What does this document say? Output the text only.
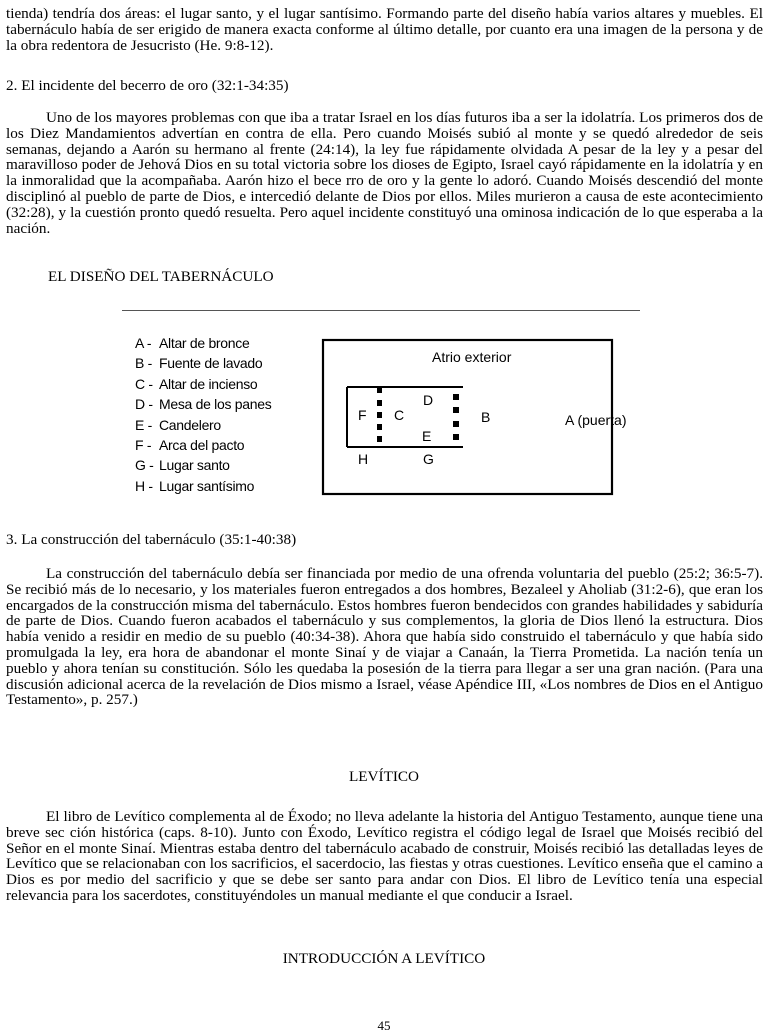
tienda) tendría dos áreas: el lugar santo, y el lugar santísimo. Formando parte del diseño había varios altares y muebles. El tabernáculo había de ser erigido de manera exacta conforme al último detalle, por cuanto era una imagen de la persona y de la obra redentora de Jesucristo (He. 9:8-12).

2. El incidente del becerro de oro (32:1-34:35)

Uno de los mayores problemas con que iba a tratar Israel en los días futuros iba a ser la idolatría. Los primeros dos de los Diez Mandamientos advertían en contra de ella. Pero cuando Moisés subió al monte y se quedó alrededor de seis semanas, dejando a Aarón su hermano al frente (24:14), la ley fue rápidamente olvidada A pesar de la ley y a pesar del maravilloso poder de Jehová Dios en su total victoria sobre los dioses de Egipto, Israel cayó rápidamente en la idolatría y en la inmoralidad que la acompañaba. Aarón hizo el bece rro de oro y la gente lo adoró. Cuando Moisés descendió del monte disciplinó al pueblo de parte de Dios, e intercedió delante de Dios por ellos. Miles murieron a causa de este acontecimiento (32:28), y la cuestión pronto quedó resuelta. Pero aquel incidente constituyó una ominosa indicación de lo que esperaba a la nación.

EL DISEÑO DEL TABERNÁCULO

A - Altar de bronce
B - Fuente de lavado
C - Altar de incienso
D - Mesa de los panes
E - Candelero
F - Arca del pacto
G - Lugar santo
H - Lugar santísimo
Atrio exterior
A (puerta)
F C
D
E
B
H	G

3. La construcción del tabernáculo (35:1-40:38)

La construcción del tabernáculo debía ser financiada por medio de una ofrenda voluntaria del pueblo (25:2; 36:5-7). Se recibió más de lo necesario, y los materiales fueron entregados a dos hombres, Bezaleel y Aholiab (31:2-6), que eran los encargados de la construcción misma del tabernáculo. Estos hombres fueron bendecidos con grandes habilidades y sabiduría de parte de Dios. Cuando fueron acabados el tabernáculo y sus complementos, la gloria de Dios llenó la estructura. Dios había venido a residir en medio de su pueblo (40:34-38). Ahora que había sido construido el tabernáculo y que había sido promulgada la ley, era hora de abandonar el monte Sinaí y de viajar a Canaán, la Tierra Prometida. La nación tenía un pueblo y ahora tenían su constitución. Sólo les quedaba la posesión de la tierra para llegar a ser una gran nación. (Para una discusión adicional acerca de la revelación de Dios mismo a Israel, véase Apéndice III, «Los nombres de Dios en el Antiguo Testamento», p. 257.)

LEVÍTICO

El libro de Levítico complementa al de Éxodo; no lleva adelante la historia del Antiguo Testamento, aunque tiene una breve sec ción histórica (caps. 8-10). Junto con Éxodo, Levítico registra el código legal de Israel que Moisés recibió del Señor en el monte Sinaí. Mientras estaba dentro del tabernáculo acabado de construir, Moisés recibió las detalladas leyes de Levítico que se relacionaban con los sacrificios, el sacerdocio, las fiestas y otras cuestiones. Levítico enseña que el camino a Dios es por medio del sacrificio y que se debe ser santo para andar con Dios. El libro de Levítico tenía una especial relevancia para los sacerdotes, constituyéndoles un manual mediante el que conducir a Israel.

INTRODUCCIÓN A LEVÍTICO

45
